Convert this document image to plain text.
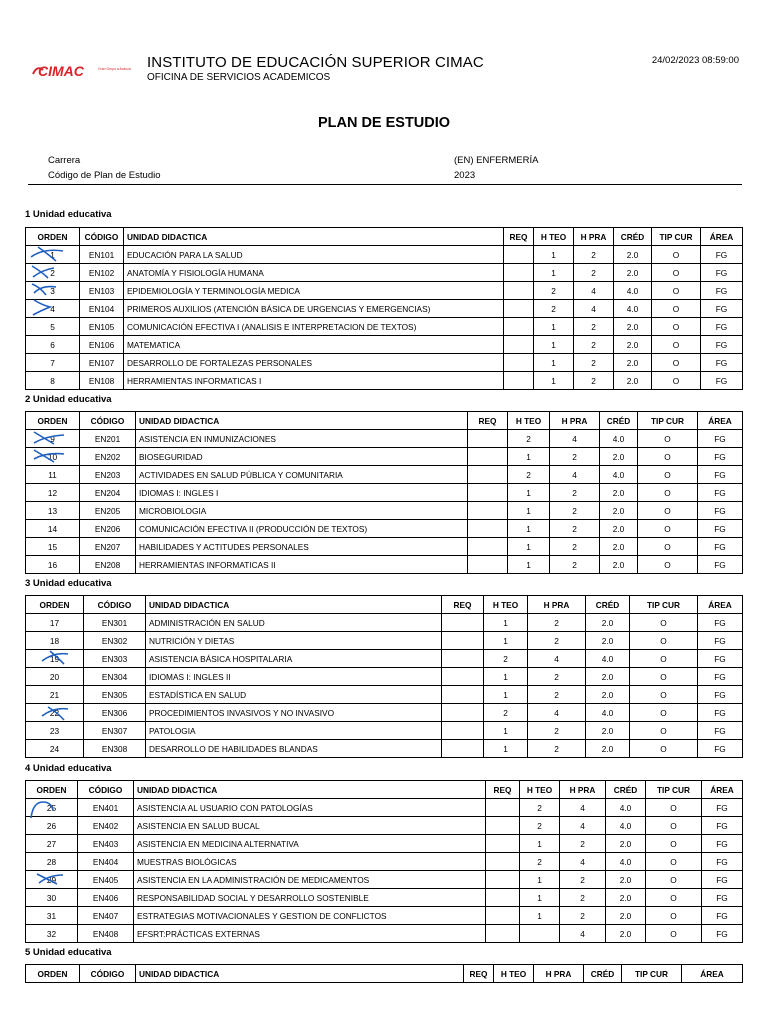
CIMAC	Gran Grupo a Avanza INSTITUTO DE EDUCACIÓN SUPERIOR CIMAC
OFICINA DE SERVICIOS ACADEMICOS
24/02/2023 08:59:00
PLAN DE ESTUDIO
Carrera	(EN) ENFERMERÍA
Código de Plan de Estudio	2023
1 Unidad educativa
ORDEN	CÓDIGO	UNIDAD DIDACTICA	REQ	H TEO	H PRA	CRÉD	TIP CUR	ÁREA
1	EN101	EDUCACIÓN PARA LA SALUD		1	2	2.0	O	FG
2	EN102	ANATOMÍA Y FISIOLOGÍA HUMANA		1	2	2.0	O	FG
3	EN103	EPIDEMIOLOGÍA Y TERMINOLOGÍA MEDICA		2	4	4.0	O	FG
4	EN104	PRIMEROS AUXILIOS (ATENCIÓN BÁSICA DE URGENCIAS Y EMERGENCIAS)		2	4	4.0	O	FG
5	EN105	COMUNICACIÓN EFECTIVA I (ANALISIS E INTERPRETACION DE TEXTOS)		1	2	2.0	O	FG
6	EN106	MATEMATICA		1	2	2.0	O	FG
7	EN107	DESARROLLO DE FORTALEZAS PERSONALES		1	2	2.0	O	FG
8	EN108	HERRAMIENTAS INFORMATICAS I		1	2	2.0	O	FG
2 Unidad educativa
ORDEN	CÓDIGO	UNIDAD DIDACTICA	REQ	H TEO	H PRA	CRÉD	TIP CUR	ÁREA
9	EN201	ASISTENCIA EN INMUNIZACIONES		2	4	4.0	O	FG
10	EN202	BIOSEGURIDAD		1	2	2.0	O	FG
11	EN203	ACTIVIDADES EN SALUD PÚBLICA Y COMUNITARIA		2	4	4.0	O	FG
12	EN204	IDIOMAS I: INGLES I		1	2	2.0	O	FG
13	EN205	MICROBIOLOGIA		1	2	2.0	O	FG
14	EN206	COMUNICACIÓN EFECTIVA II (PRODUCCIÓN DE TEXTOS)		1	2	2.0	O	FG
15	EN207	HABILIDADES Y ACTITUDES PERSONALES		1	2	2.0	O	FG
16	EN208	HERRAMIENTAS INFORMATICAS II		1	2	2.0	O	FG
3 Unidad educativa
ORDEN	CÓDIGO	UNIDAD DIDACTICA	REQ	H TEO	H PRA	CRÉD	TIP CUR	ÁREA
17	EN301	ADMINISTRACIÓN EN SALUD		1	2	2.0	O	FG
18	EN302	NUTRICIÓN Y DIETAS		1	2	2.0	O	FG
19	EN303	ASISTENCIA BÁSICA HOSPITALARIA		2	4	4.0	O	FG
20	EN304	IDIOMAS I: INGLES II		1	2	2.0	O	FG
21	EN305	ESTADÍSTICA EN SALUD		1	2	2.0	O	FG
22	EN306	PROCEDIMIENTOS INVASIVOS Y NO INVASIVO		2	4	4.0	O	FG
23	EN307	PATOLOGIA		1	2	2.0	O	FG
24	EN308	DESARROLLO DE HABILIDADES BLANDAS		1	2	2.0	O	FG
4 Unidad educativa
ORDEN	CÓDIGO	UNIDAD DIDACTICA	REQ	H TEO	H PRA	CRÉD	TIP CUR	ÁREA
25	EN401	ASISTENCIA AL USUARIO CON PATOLOGÍAS		2	4	4.0	O	FG
26	EN402	ASISTENCIA EN SALUD BUCAL		2	4	4.0	O	FG
27	EN403	ASISTENCIA EN MEDICINA ALTERNATIVA		1	2	2.0	O	FG
28	EN404	MUESTRAS BIOLÓGICAS		2	4	4.0	O	FG
29	EN405	ASISTENCIA EN LA ADMINISTRACIÓN DE MEDICAMENTOS		1	2	2.0	O	FG
30	EN406	RESPONSABILIDAD SOCIAL Y DESARROLLO SOSTENIBLE		1	2	2.0	O	FG
31	EN407	ESTRATEGIAS MOTIVACIONALES Y GESTION DE CONFLICTOS		1	2	2.0	O	FG
32	EN408	EFSRT:PRÁCTICAS EXTERNAS			4	2.0	O	FG
5 Unidad educativa
ORDEN	CÓDIGO	UNIDAD DIDACTICA	REQ	H TEO	H PRA	CRÉD	TIP CUR	ÁREA
